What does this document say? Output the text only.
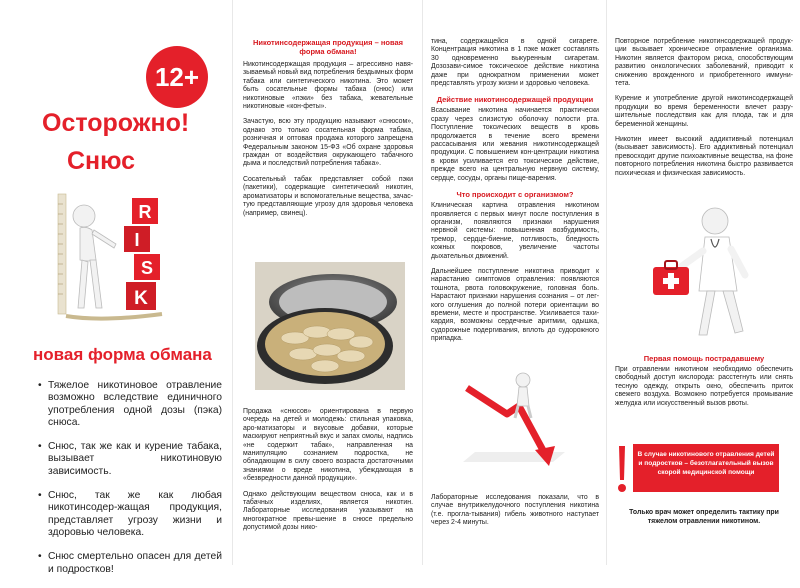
12+
Осторожно!
Снюс
R
I
S
K
новая форма обмана
• Тяжелое никотиновое отравление возможно вследствие единичного употребления одной дозы (пэка) снюса.
• Снюс, так же как и курение табака, вызывает никотиновую зависимость.
• Снюс, так же как любая никотинсодер-жащая продукция, представляет угрозу жизни и здоровью человека.
• Снюс смертельно опасен для детей и подростков!
Никотинсодержащая продукция – новая форма обмана!

Никотинсодержащая продукция – агрессивно навя-зываемый новый вид потребления бездымных форм табака или синтетического никотина. Это может быть сосательные формы табака (снюс) или никотиновые «пэки» без табака, жевательные никотиновые «кон-феты».

Зачастую, всю эту продукцию называют «снюсом», однако это только сосательная форма табака, розничная и оптовая продажа которого запрещена Федеральным законом 15-ФЗ «Об охране здоровья граждан от воздействия окружающего табачного дыма и последствий потребления табака».

Сосательный табак представляет собой пэки (пакетики), содержащие синтетический никотин, ароматизаторы и вспомогательные вещества, зачас-тую представляющие угрозу для здоровья человека (например, свинец).

Продажа «снюсов» ориентирована в первую очередь на детей и молодежь: стильная упаковка, аро-матизаторы и вкусовые добавки, которые маскируют неприятный вкус и запах смолы, надпись «не содержит табак», направленная на манипуляцию сознанием подростка, не обладающим в силу своего возраста достаточными знаниями о вреде никотина, убеждающая в «безвредности данной продукции».

Однако действующим веществом снюса, как и в табачных изделиях, является никотин. Лабораторные исследования указывают на многократное превы-шение в снюсе предельно допустимой дозы нико-

тина, содержащейся в одной сигарете. Концентрация никотина в 1 пэке может составлять 30 одновременно выкуренным сигаретам. Дозозави-симое токсическое действие никотина даже при однократном применении может представлять угрозу жизни и здоровью человека.

Действие никотинсодержащей продукции

Всасывание никотина начинается практически сразу через слизистую оболочку полости рта. Поступление токсических веществ в кровь продолжается в течение всего времени рассасывания или жевания никотинсодержащей продукции. С повышением кон-центрации никотина в крови усиливается его токсическое действие, прежде всего на центральную нервную систему, сердце, сосуды, органы пище-варения.

Что происходит с организмом?

Клиническая картина отравления никотином проявляется с первых минут после поступления в организм, появляются признаки нарушения нервной системы: повышенная возбудимость, тремор, сердце-биение, потливость, бледность кожных покровов, увеличение частоты дыхательных движений.

Дальнейшее поступление никотина приводит к нарастанию симптомов отравления: появляются тошнота, рвота головокружение, головная боль. Нарастают признаки нарушения сознания – от лег-кого оглушения до полной потери ориентации во времени, месте и пространстве. Усиливается тахи-кардия, возможны сердечные аритмии, одышка, судорожные подергивания, вплоть до судорожного припадка.

Лабораторные исследования показали, что в случае внутрижелудочного поступления никотина (т.е. прогла-тывания) гибель животного наступает через 2-4 минуты.

Повторное потребление никотинсодержащей продук-ции вызывает хроническое отравление организма. Никотин является фактором риска, способствующим развитию онкологических заболеваний, приводит к снижению врожденного и приобретенного иммуни-тета.

Курение и употребление другой никотинсодержащей продукции во время беременности влечет разру-шительные последствия как для плода, так и для беременной женщины.

Никотин имеет высокий аддиктивный потенциал (вызывает зависимость). Его аддиктивный потенциал превосходит другие психоактивные вещества, на фоне повторного потребления никотина быстро развивается психическая и физическая зависимость.

Первая помощь пострадавшему

При отравлении никотином необходимо обеспечить свободный доступ кислорода: расстегнуть или снять тесную одежду, открыть окно, обеспечить приток свежего воздуха. Возможно потребуется промывание желудка или искусственный вызов рвоты.

В случае никотинового отравления детей и подростков – безотлагательный вызов скорой медицинской помощи
Только врач может определить тактику при тяжелом отравлении никотином.
